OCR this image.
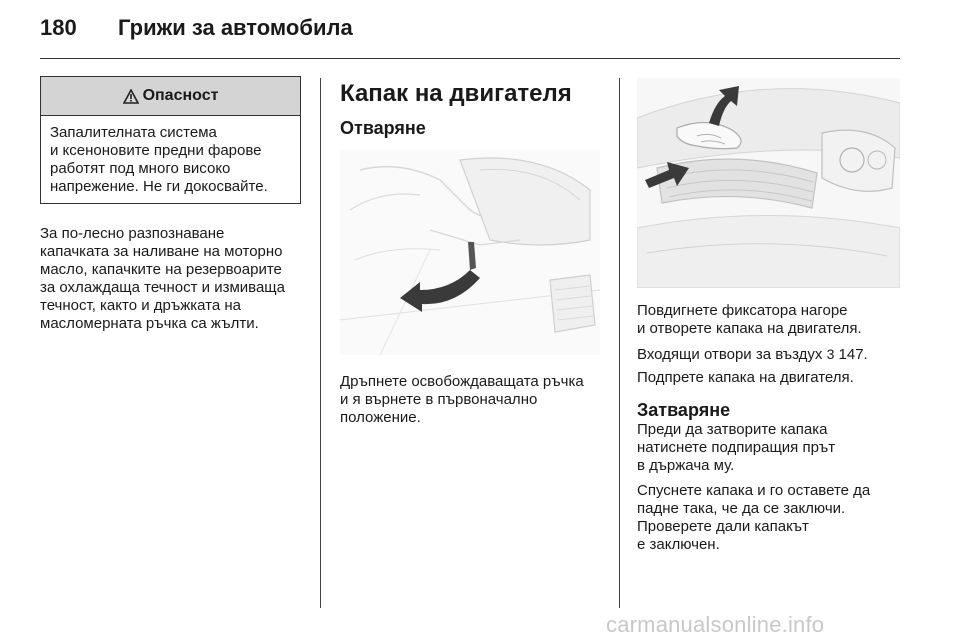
180 Грижи за автомобила
Опасност
Запалителната система
и ксеноновите предни фарове
работят под много високо
напрежение. Не ги докосвайте.
За по-лесно разпознаване
капачката за наливане на моторно
масло, капачките на резервоарите
за охлаждаща течност и измиваща
течност, както и дръжката на
масломерната ръчка са жълти.
Капак на двигателя
Отваряне
Дръпнете освобождаващата ръчка
и я върнете в първоначално
положение.
Повдигнете фиксатора нагоре
и отворете капака на двигателя.
Входящи отвори за въздух 3 147.
Подпрете капака на двигателя.
Затваряне
Преди да затворите капака
натиснете подпиращия прът
в държача му.
Спуснете капака и го оставете да
падне така, че да се заключи.
Проверете дали капакът
е заключен.
carmanualsonline.info
